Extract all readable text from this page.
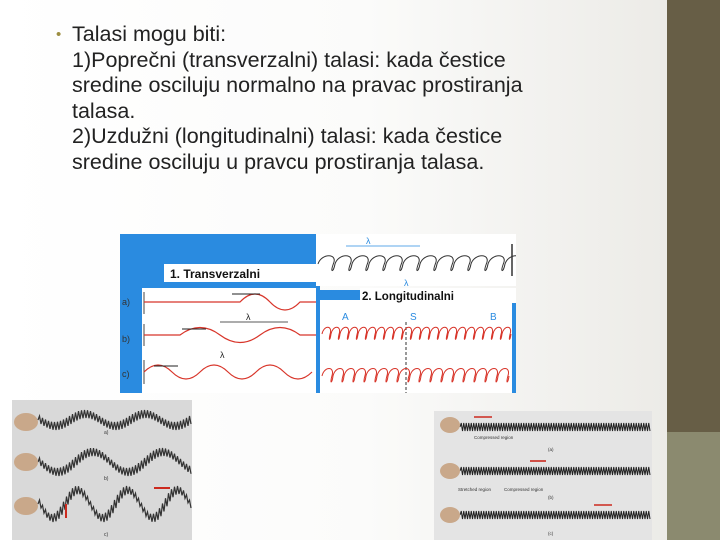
• Talasi mogu biti:
1)Poprečni (transverzalni) talasi: kada čestice
sredine osciluju normalno na pravac prostiranja
talasa.
2)Uzdužni (longitudinalni) talasi: kada čestice
sredine osciluju u pravcu prostiranja talasa.
1. Transverzalni
a)
b)
c)
λ
λ
λ
λ
2. Longitudinalni
A	S	B
a)
b)
c)
Compressed region
Stretched region	Compressed region
(a)
(b)
(c)
